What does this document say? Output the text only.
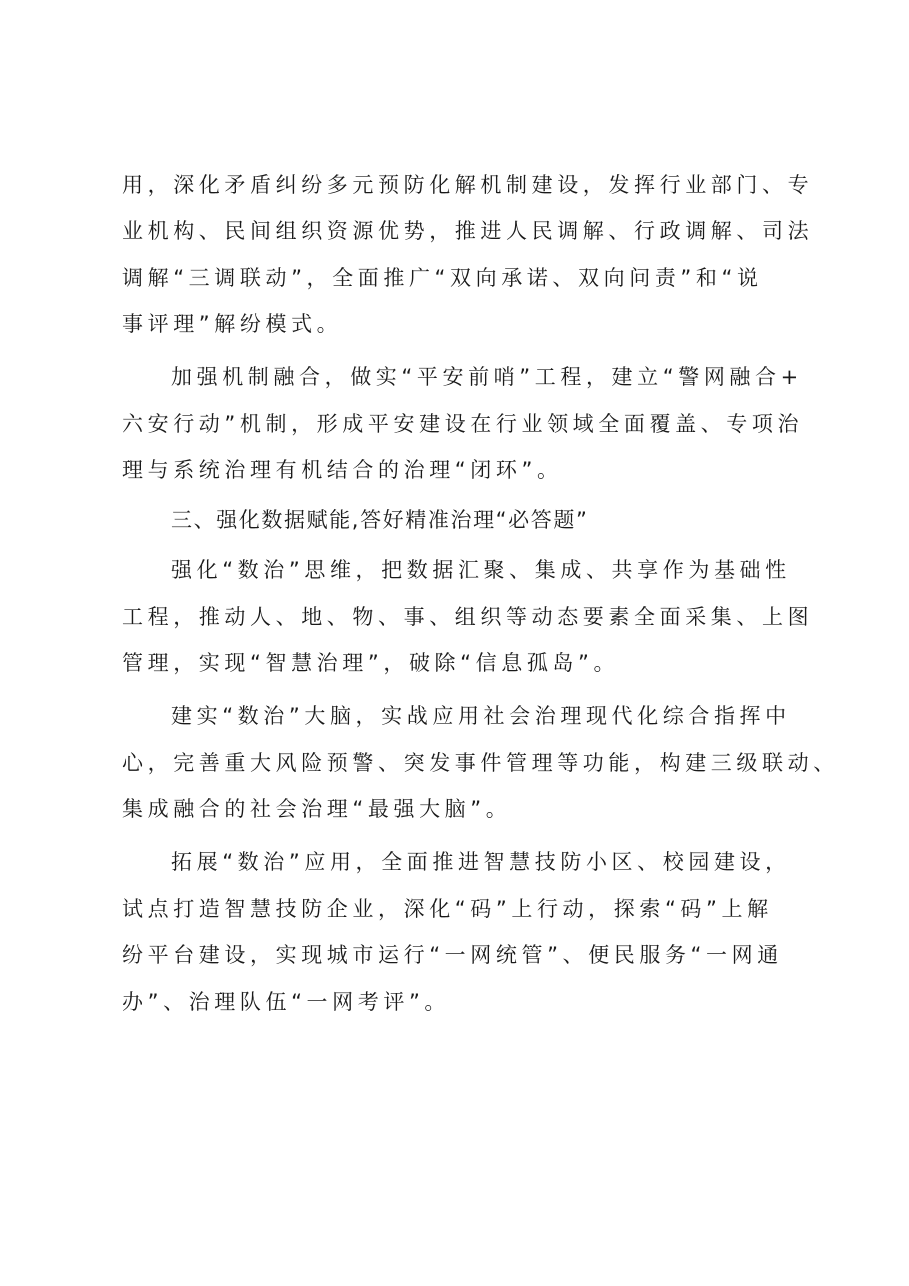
用，深化矛盾纠纷多元预防化解机制建设，发挥行业部门、专
业机构、民间组织资源优势，推进人民调解、行政调解、司法
调解“三调联动”，全面推广“双向承诺、双向问责”和“说
事评理”解纷模式。
加强机制融合，做实“平安前哨”工程，建立“警网融合+
六安行动”机制，形成平安建设在行业领域全面覆盖、专项治
理与系统治理有机结合的治理“闭环”。
三、强化数据赋能,答好精准治理“必答题”
强化“数治”思维，把数据汇聚、集成、共享作为基础性
工程，推动人、地、物、事、组织等动态要素全面采集、上图
管理，实现“智慧治理”，破除“信息孤岛”。
建实“数治”大脑，实战应用社会治理现代化综合指挥中
心，完善重大风险预警、突发事件管理等功能，构建三级联动、
集成融合的社会治理“最强大脑”。
拓展“数治”应用，全面推进智慧技防小区、校园建设，
试点打造智慧技防企业，深化“码”上行动，探索“码”上解
纷平台建设，实现城市运行“一网统管”、便民服务“一网通
办”、治理队伍“一网考评”。
